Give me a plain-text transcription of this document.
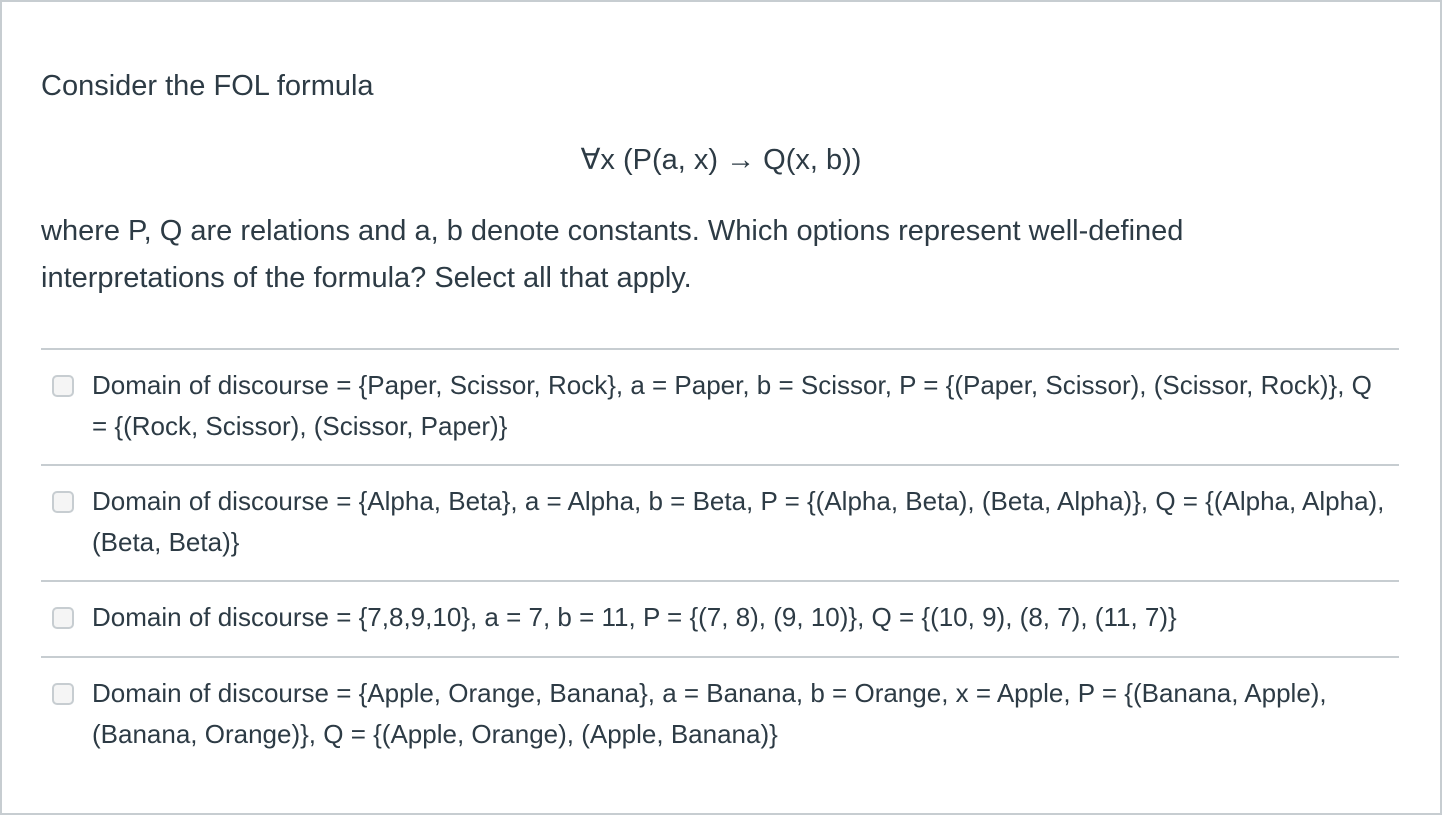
Consider the FOL formula
∀x (P(a, x) → Q(x, b))
where P, Q are relations and a, b denote constants. Which options represent well-defined interpretations of the formula? Select all that apply.
Domain of discourse = {Paper, Scissor, Rock}, a = Paper, b = Scissor, P = {(Paper, Scissor), (Scissor, Rock)}, Q = {(Rock, Scissor), (Scissor, Paper)}
Domain of discourse = {Alpha, Beta}, a = Alpha, b = Beta, P = {(Alpha, Beta), (Beta, Alpha)}, Q = {(Alpha, Alpha), (Beta, Beta)}
Domain of discourse = {7,8,9,10}, a = 7, b = 11, P = {(7, 8), (9, 10)}, Q = {(10, 9), (8, 7), (11, 7)}
Domain of discourse = {Apple, Orange, Banana}, a = Banana, b = Orange, x = Apple, P = {(Banana, Apple), (Banana, Orange)}, Q = {(Apple, Orange), (Apple, Banana)}
